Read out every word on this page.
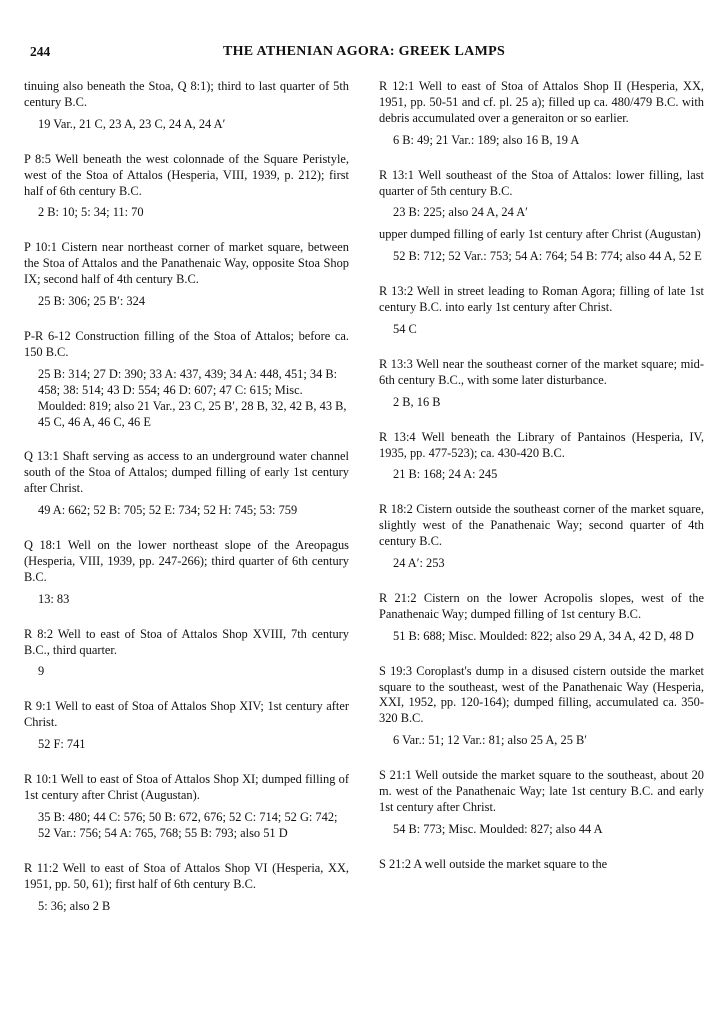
244	THE ATHENIAN AGORA: GREEK LAMPS

tinuing also beneath the Stoa, Q 8:1); third to last quarter of 5th century B.C.

19 Var., 21 C, 23 A, 23 C, 24 A, 24 A′

P 8:5 Well beneath the west colonnade of the Square Peristyle, west of the Stoa of Attalos (Hesperia, VIII, 1939, p. 212); first half of 6th century B.C.

2 B: 10; 5: 34; 11: 70

P 10:1 Cistern near northeast corner of market square, between the Stoa of Attalos and the Panathenaic Way, opposite Stoa Shop IX; second half of 4th century B.C.

25 B: 306; 25 B′: 324

P-R 6-12 Construction filling of the Stoa of Attalos; before ca. 150 B.C.

25 B: 314; 27 D: 390; 33 A: 437, 439; 34 A: 448, 451; 34 B: 458; 38: 514; 43 D: 554; 46 D: 607; 47 C: 615; Misc. Moulded: 819; also 21 Var., 23 C, 25 B′, 28 B, 32, 42 B, 43 B, 45 C, 46 A, 46 C, 46 E

Q 13:1 Shaft serving as access to an underground water channel south of the Stoa of Attalos; dumped filling of early 1st century after Christ.

49 A: 662; 52 B: 705; 52 E: 734; 52 H: 745; 53: 759

Q 18:1 Well on the lower northeast slope of the Areopagus (Hesperia, VIII, 1939, pp. 247-266); third quarter of 6th century B.C.

13: 83

R 8:2 Well to east of Stoa of Attalos Shop XVIII, 7th century B.C., third quarter.

9

R 9:1 Well to east of Stoa of Attalos Shop XIV; 1st century after Christ.

52 F: 741

R 10:1 Well to east of Stoa of Attalos Shop XI; dumped filling of 1st century after Christ (Augustan).

35 B: 480; 44 C: 576; 50 B: 672, 676; 52 C: 714; 52 G: 742; 52 Var.: 756; 54 A: 765, 768; 55 B: 793; also 51 D

R 11:2 Well to east of Stoa of Attalos Shop VI (Hesperia, XX, 1951, pp. 50, 61); first half of 6th century B.C.

5: 36; also 2 B

R 12:1 Well to east of Stoa of Attalos Shop II (Hesperia, XX, 1951, pp. 50-51 and cf. pl. 25 a); filled up ca. 480/479 B.C. with debris accumulated over a generaiton or so earlier.

6 B: 49; 21 Var.: 189; also 16 B, 19 A

R 13:1 Well southeast of the Stoa of Attalos: lower filling, last quarter of 5th century B.C.

23 B: 225; also 24 A, 24 A′

upper dumped filling of early 1st century after Christ (Augustan)

52 B: 712; 52 Var.: 753; 54 A: 764; 54 B: 774; also 44 A, 52 E

R 13:2 Well in street leading to Roman Agora; filling of late 1st century B.C. into early 1st century after Christ.

54 C

R 13:3 Well near the southeast corner of the market square; mid-6th century B.C., with some later disturbance.

2 B, 16 B

R 13:4 Well beneath the Library of Pantainos (Hesperia, IV, 1935, pp. 477-523); ca. 430-420 B.C.

21 B: 168; 24 A: 245

R 18:2 Cistern outside the southeast corner of the market square, slightly west of the Panathenaic Way; second quarter of 4th century B.C.

24 A′: 253

R 21:2 Cistern on the lower Acropolis slopes, west of the Panathenaic Way; dumped filling of 1st century B.C.

51 B: 688; Misc. Moulded: 822; also 29 A, 34 A, 42 D, 48 D

S 19:3 Coroplast's dump in a disused cistern outside the market square to the southeast, west of the Panathenaic Way (Hesperia, XXI, 1952, pp. 120-164); dumped filling, accumulated ca. 350-320 B.C.

6 Var.: 51; 12 Var.: 81; also 25 A, 25 B′

S 21:1 Well outside the market square to the southeast, about 20 m. west of the Panathenaic Way; late 1st century B.C. and early 1st century after Christ.

54 B: 773; Misc. Moulded: 827; also 44 A

S 21:2 A well outside the market square to the
